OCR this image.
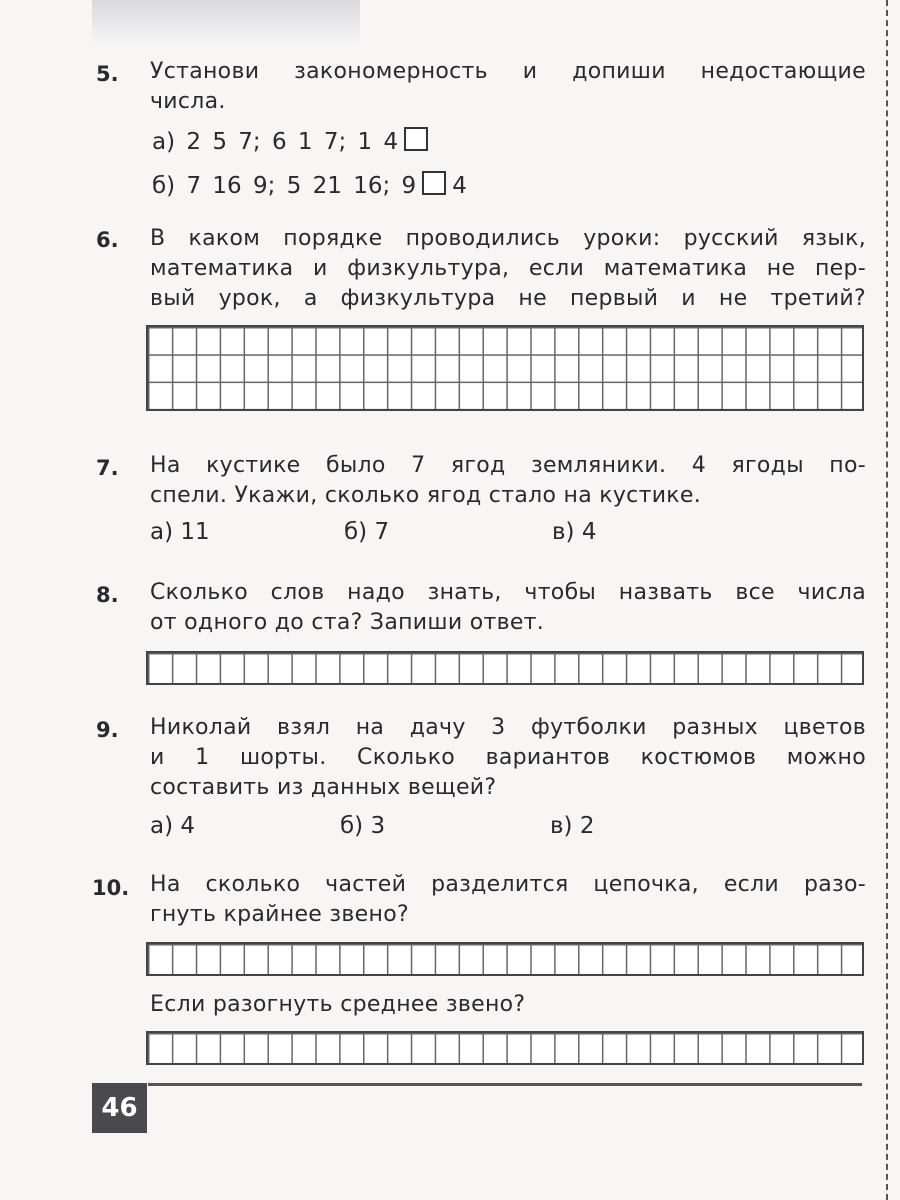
5. Установи закономерность и допиши недостающие
числа.
а) 2 5 7; 6 1 7; 1 4
б) 7 16 9; 5 21 16; 9 4
6. В каком порядке проводились уроки: русский язык,
математика и физкультура, если математика не пер-
вый урок, а физкультура не первый и не третий?
7. На кустике было 7 ягод земляники. 4 ягоды по-
спели. Укажи, сколько ягод стало на кустике.
а) 11	б) 7	в) 4
8. Сколько слов надо знать, чтобы назвать все числа
от одного до ста? Запиши ответ.
9. Николай взял на дачу 3 футболки разных цветов
и 1 шорты. Сколько вариантов костюмов можно
составить из данных вещей?
а) 4	б) 3	в) 2
10. На сколько частей разделится цепочка, если разо-
гнуть крайнее звено?
Если разогнуть среднее звено?
46
